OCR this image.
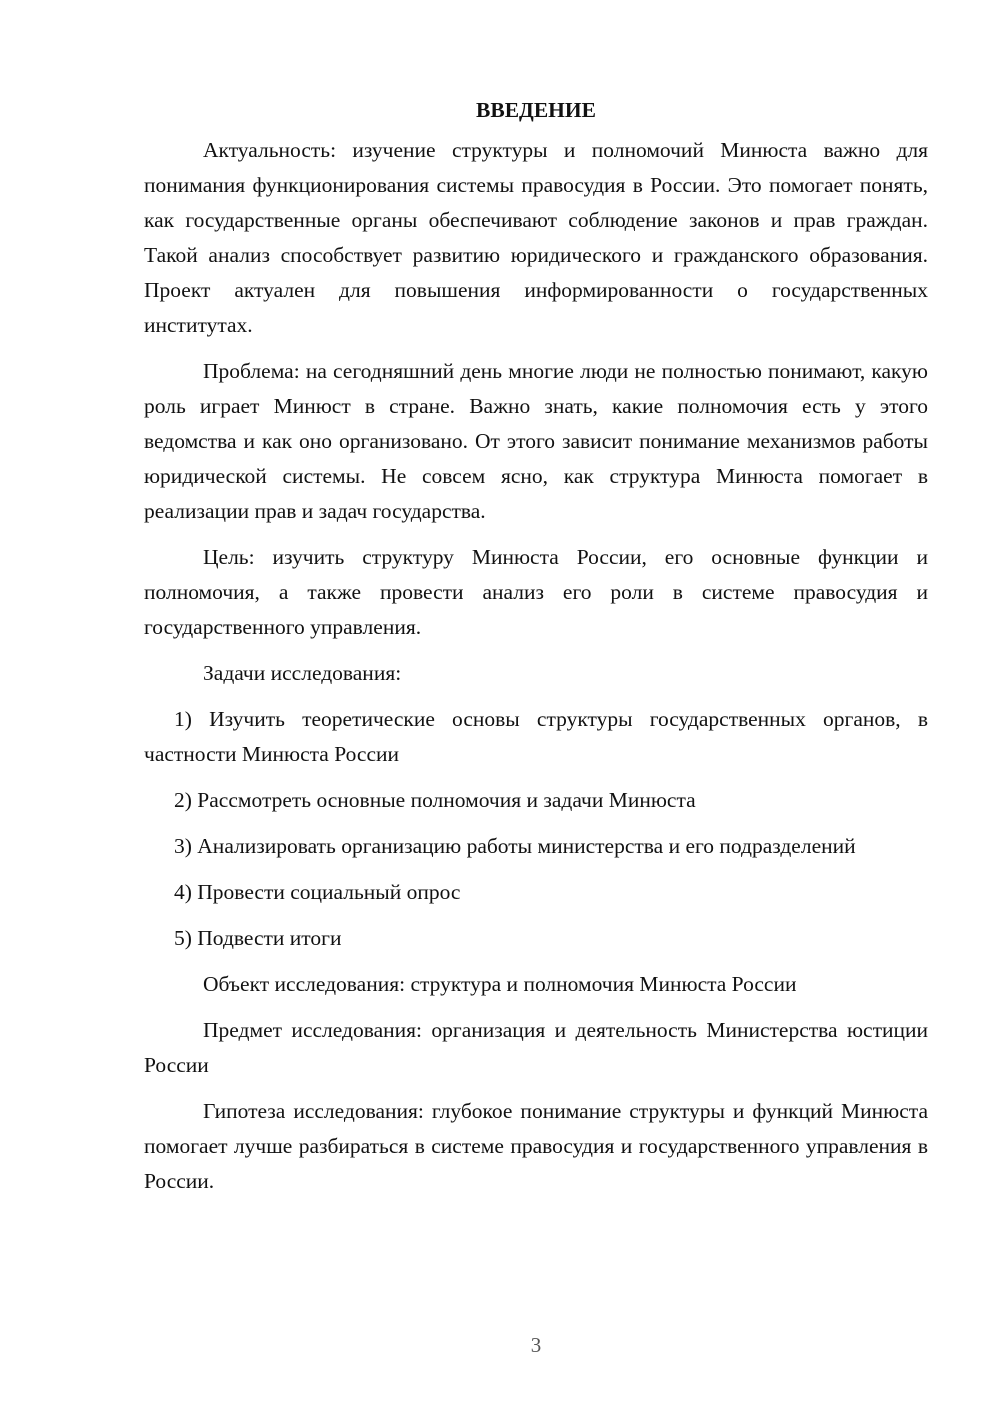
ВВЕДЕНИЕ

Актуальность: изучение структуры и полномочий Минюста важно для понимания функционирования системы правосудия в России. Это помогает понять, как государственные органы обеспечивают соблюдение законов и прав граждан. Такой анализ способствует развитию юридического и гражданского образования. Проект актуален для повышения информированности о государственных институтах.

Проблема: на сегодняшний день многие люди не полностью понимают, какую роль играет Минюст в стране. Важно знать, какие полномочия есть у этого ведомства и как оно организовано. От этого зависит понимание механизмов работы юридической системы. Не совсем ясно, как структура Минюста помогает в реализации прав и задач государства.

Цель: изучить структуру Минюста России, его основные функции и полномочия, а также провести анализ его роли в системе правосудия и государственного управления.

Задачи исследования:

1) Изучить теоретические основы структуры государственных органов, в частности Минюста России

2) Рассмотреть основные полномочия и задачи Минюста

3) Анализировать организацию работы министерства и его подразделений

4) Провести социальный опрос

5) Подвести итоги

Объект исследования: структура и полномочия Минюста России

Предмет исследования: организация и деятельность Министерства юстиции России

Гипотеза исследования: глубокое понимание структуры и функций Минюста помогает лучше разбираться в системе правосудия и государственного управления в России.

3
